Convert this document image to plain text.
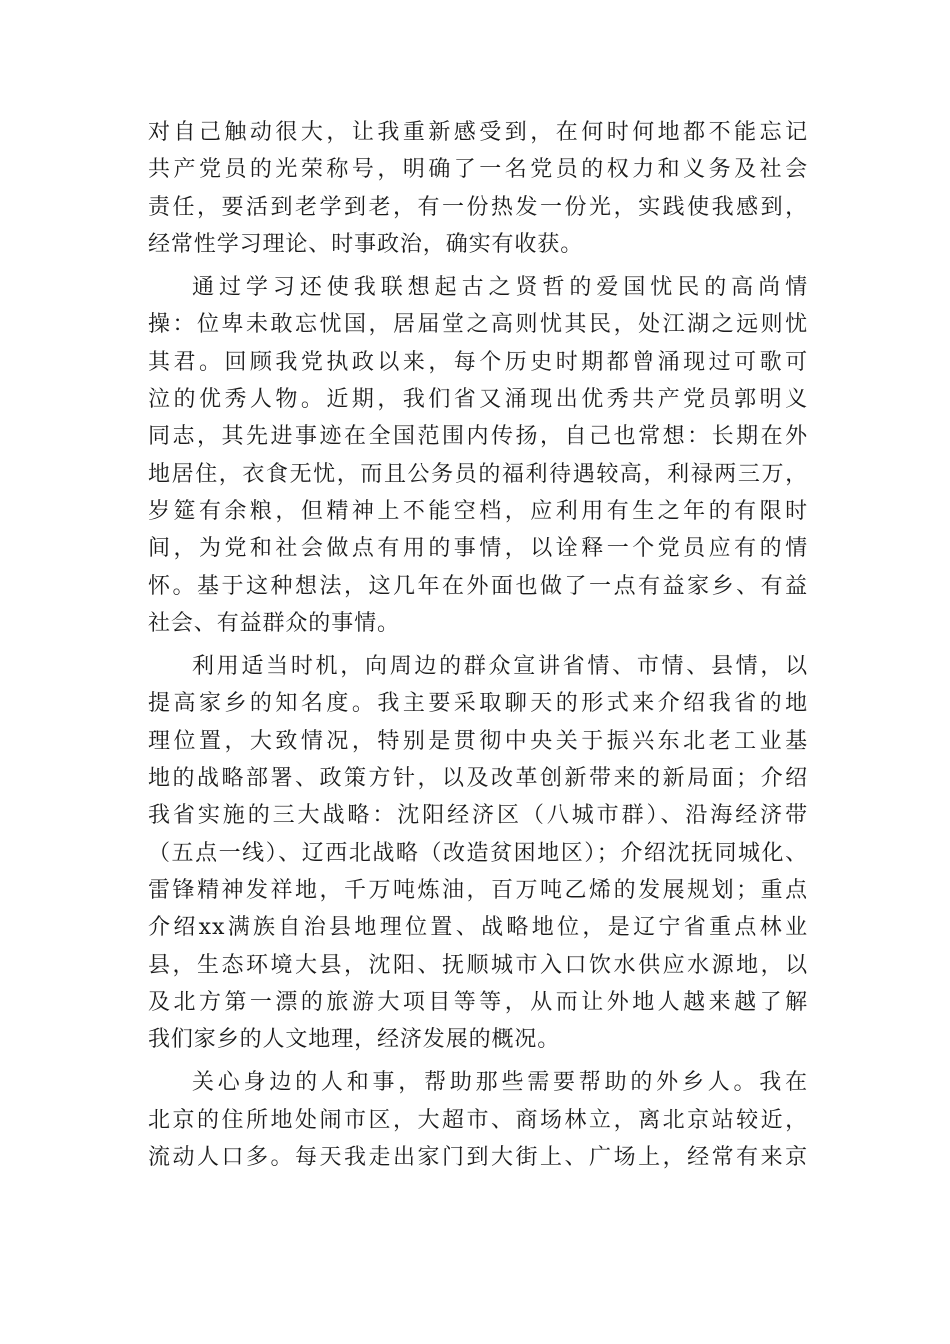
对自己触动很大，让我重新感受到，在何时何地都不能忘记
共产党员的光荣称号，明确了一名党员的权力和义务及社会
责任，要活到老学到老，有一份热发一份光，实践使我感到，
经常性学习理论、时事政治，确实有收获。
通过学习还使我联想起古之贤哲的爱国忧民的高尚情
操：位卑未敢忘忧国，居届堂之高则忧其民，处江湖之远则忧
其君。回顾我党执政以来，每个历史时期都曾涌现过可歌可
泣的优秀人物。近期，我们省又涌现出优秀共产党员郭明义
同志，其先进事迹在全国范围内传扬，自己也常想：长期在外
地居住，衣食无忧，而且公务员的福利待遇较高，利禄两三万，
岁筵有余粮，但精神上不能空档，应利用有生之年的有限时
间，为党和社会做点有用的事情，以诠释一个党员应有的情
怀。基于这种想法，这几年在外面也做了一点有益家乡、有益
社会、有益群众的事情。
利用适当时机，向周边的群众宣讲省情、市情、县情，以
提高家乡的知名度。我主要采取聊天的形式来介绍我省的地
理位置，大致情况，特别是贯彻中央关于振兴东北老工业基
地的战略部署、政策方针，以及改革创新带来的新局面；介绍
我省实施的三大战略：沈阳经济区（八城市群）、沿海经济带
（五点一线）、辽西北战略（改造贫困地区）；介绍沈抚同城化、
雷锋精神发祥地，千万吨炼油，百万吨乙烯的发展规划；重点
介绍xx满族自治县地理位置、战略地位，是辽宁省重点林业
县，生态环境大县，沈阳、抚顺城市入口饮水供应水源地，以
及北方第一漂的旅游大项目等等，从而让外地人越来越了解
我们家乡的人文地理，经济发展的概况。
关心身边的人和事，帮助那些需要帮助的外乡人。我在
北京的住所地处闹市区，大超市、商场林立，离北京站较近，
流动人口多。每天我走出家门到大街上、广场上，经常有来京
